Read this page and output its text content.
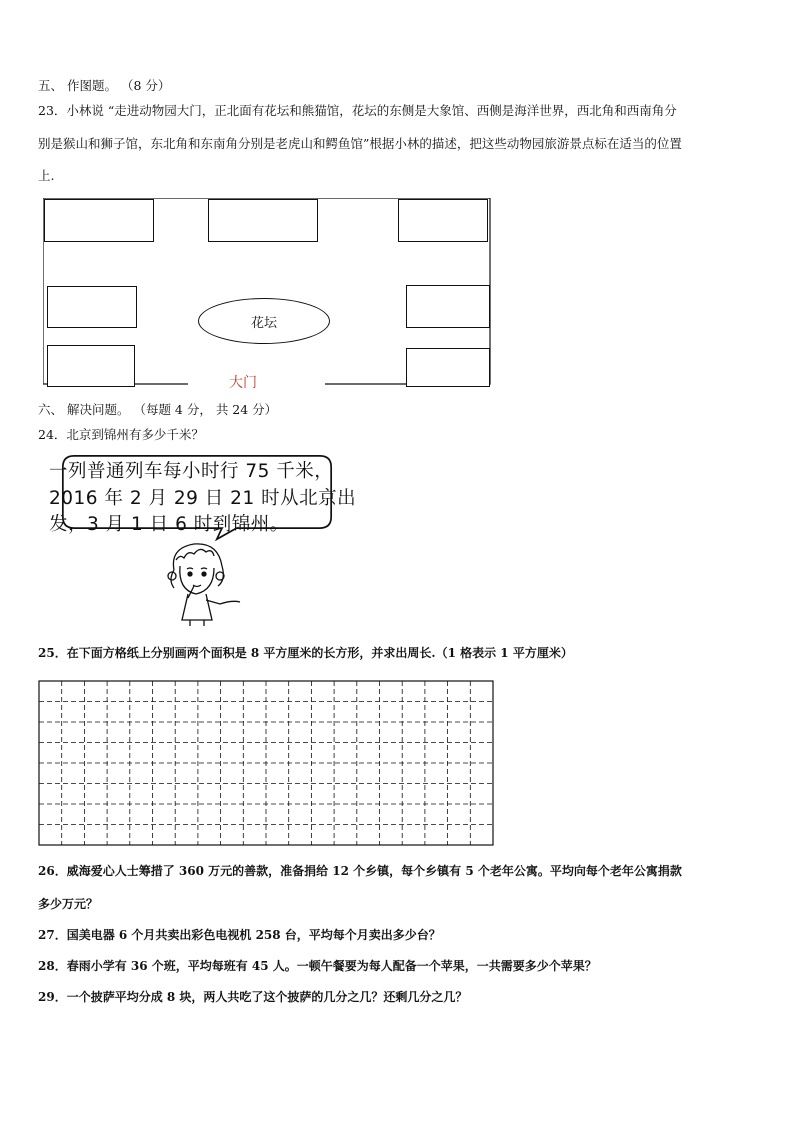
五、 作图题。 （8 分）
23．小林说 “走进动物园大门，正北面有花坛和熊猫馆，花坛的东侧是大象馆、西侧是海洋世界，西北角和西南角分
别是猴山和狮子馆，东北角和东南角分别是老虎山和鳄鱼馆”根据小林的描述，把这些动物园旅游景点标在适当的位置
上.
花坛
大门
六、 解决问题。 （每题 4 分， 共 24 分）
24．北京到锦州有多少千米？
一列普通列车每小时行 75 千米，
2016 年 2 月 29 日 21 时从北京出
发，3 月 1 日 6 时到锦州。
25．在下面方格纸上分别画两个面积是 8 平方厘米的长方形，并求出周长.（1 格表示 1 平方厘米）
26．威海爱心人士筹措了 360 万元的善款，准备捐给 12 个乡镇，每个乡镇有 5 个老年公寓。平均向每个老年公寓捐款
多少万元？
27．国美电器 6 个月共卖出彩色电视机 258 台，平均每个月卖出多少台？
28．春雨小学有 36 个班，平均每班有 45 人。一顿午餐要为每人配备一个苹果，一共需要多少个苹果？
29．一个披萨平均分成 8 块，两人共吃了这个披萨的几分之几？还剩几分之几？
